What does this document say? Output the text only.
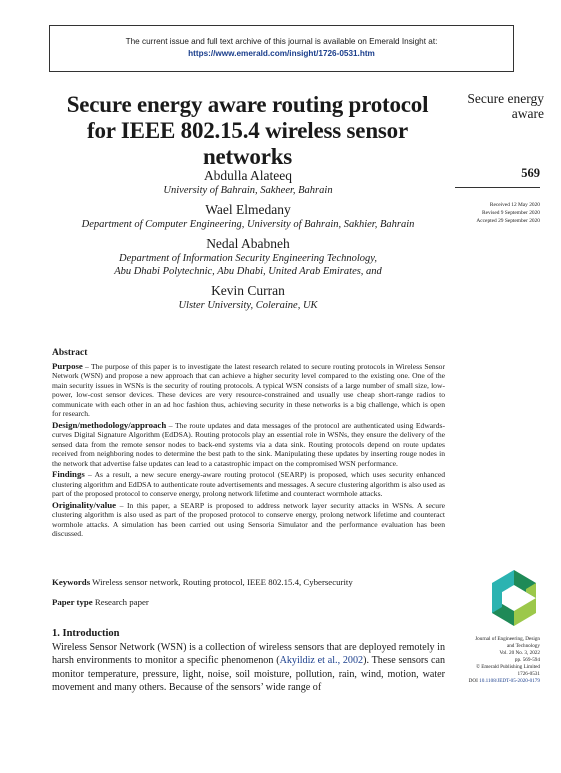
The current issue and full text archive of this journal is available on Emerald Insight at:
https://www.emerald.com/insight/1726-0531.htm
Secure energy aware routing protocol for IEEE 802.15.4 wireless sensor networks
Abdulla Alateeq
University of Bahrain, Sakheer, Bahrain
Wael Elmedany
Department of Computer Engineering, University of Bahrain, Sakhier, Bahrain
Nedal Ababneh
Department of Information Security Engineering Technology,
Abu Dhabi Polytechnic, Abu Dhabi, United Arab Emirates, and
Kevin Curran
Ulster University, Coleraine, UK
Secure energy
aware
569
Received 12 May 2020
Revised 9 September 2020
Accepted 29 September 2020
Abstract

Purpose – The purpose of this paper is to investigate the latest research related to secure routing protocols in Wireless Sensor Network (WSN) and propose a new approach that can achieve a higher security level compared to the existing one. One of the main security issues in WSNs is the security of routing protocols. A typical WSN consists of a large number of small size, low-power, low-cost sensor devices. These devices are very resource-constrained and usually use cheap short-range radios to communicate with each other in an ad hoc fashion thus, achieving security in these networks is a big challenge, which is open for research.

Design/methodology/approach – The route updates and data messages of the protocol are authenticated using Edwards-curves Digital Signature Algorithm (EdDSA). Routing protocols play an essential role in WSNs, they ensure the delivery of the sensed data from the remote sensor nodes to back-end systems via a data sink. Routing protocols depend on route updates received from neighboring nodes to determine the best path to the sink. Manipulating these updates by inserting rouge nodes in the network that advertise false updates can lead to a catastrophic impact on the compromised WSN performance.

Findings – As a result, a new secure energy-aware routing protocol (SEARP) is proposed, which uses security enhanced clustering algorithm and EdDSA to authenticate route advertisements and messages. A secure clustering algorithm is also used as part of the proposed protocol to conserve energy, prolong network lifetime and counteract wormhole attacks.

Originality/value – In this paper, a SEARP is proposed to address network layer security attacks in WSNs. A secure clustering algorithm is also used as part of the proposed protocol to conserve energy, prolong network lifetime and counteract wormhole attacks. A simulation has been carried out using Sensoria Simulator and the performance evaluation has been discussed.

Keywords Wireless sensor network, Routing protocol, IEEE 802.15.4, Cybersecurity

Paper type Research paper

1. Introduction

Wireless Sensor Network (WSN) is a collection of wireless sensors that are deployed remotely in harsh environments to monitor a specific phenomenon (Akyildiz et al., 2002). These sensors can monitor temperature, pressure, light, noise, soil moisture, pollution, rain, wind, motion, water movement and many others. Because of the sensors’ wide range of

Journal of Engineering, Design
and Technology
Vol. 20 No. 3, 2022
pp. 569-594
© Emerald Publishing Limited
1726-0531
DOI 10.1108/JEDT-05-2020-0179
